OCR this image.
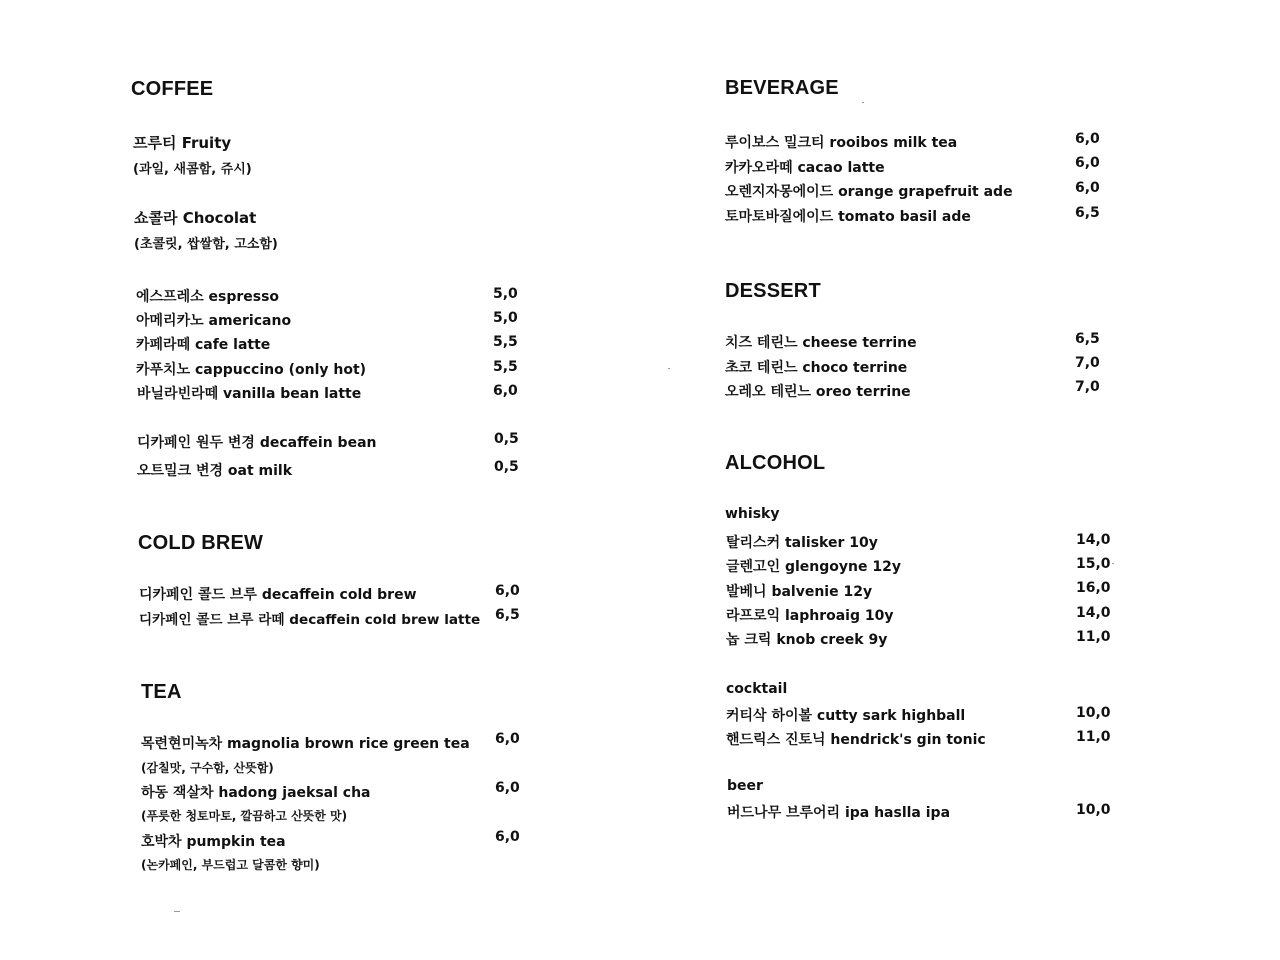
COFFEE
프루티 Fruity
(과일, 새콤함, 쥬시)
쇼콜라 Chocolat
(초콜릿, 쌉쌀함, 고소함)
에스프레소 espresso	5,0
아메리카노 americano	5,0
카페라떼 cafe latte	5,5
카푸치노 cappuccino (only hot)	5,5
바닐라빈라떼 vanilla bean latte	6,0
디카페인 원두 변경 decaffein bean	0,5
오트밀크 변경 oat milk	0,5
COLD BREW
디카페인 콜드 브루 decaffein cold brew	6,0
디카페인 콜드 브루 라떼 decaffein cold brew latte 6,5
TEA
목련현미녹차 magnolia brown rice green tea 6,0
(감칠맛, 구수함, 산뜻함)
하동 잭살차 hadong jaeksal cha	6,0
(푸릇한 청토마토, 깔끔하고 산뜻한 맛)
호박차 pumpkin tea	6,0
(논카페인, 부드럽고 달콤한 향미)
BEVERAGE
루이보스 밀크티 rooibos milk tea	6,0
카카오라떼 cacao latte	6,0
오렌지자몽에이드 orange grapefruit ade	6,0
토마토바질에이드 tomato basil ade	6,5
DESSERT
치즈 테린느 cheese terrine	6,5
초코 테린느 choco terrine	7,0
오레오 테린느 oreo terrine	7,0
ALCOHOL
whisky
탈리스커 talisker 10y	14,0
글렌고인 glengoyne 12y	15,0
발베니 balvenie 12y	16,0
라프로익 laphroaig 10y	14,0
놉 크릭 knob creek 9y	11,0
cocktail
커티삭 하이볼 cutty sark highball	10,0
핸드릭스 진토닉 hendrick's gin tonic	11,0
beer
버드나무 브루어리 ipa haslla ipa	10,0
